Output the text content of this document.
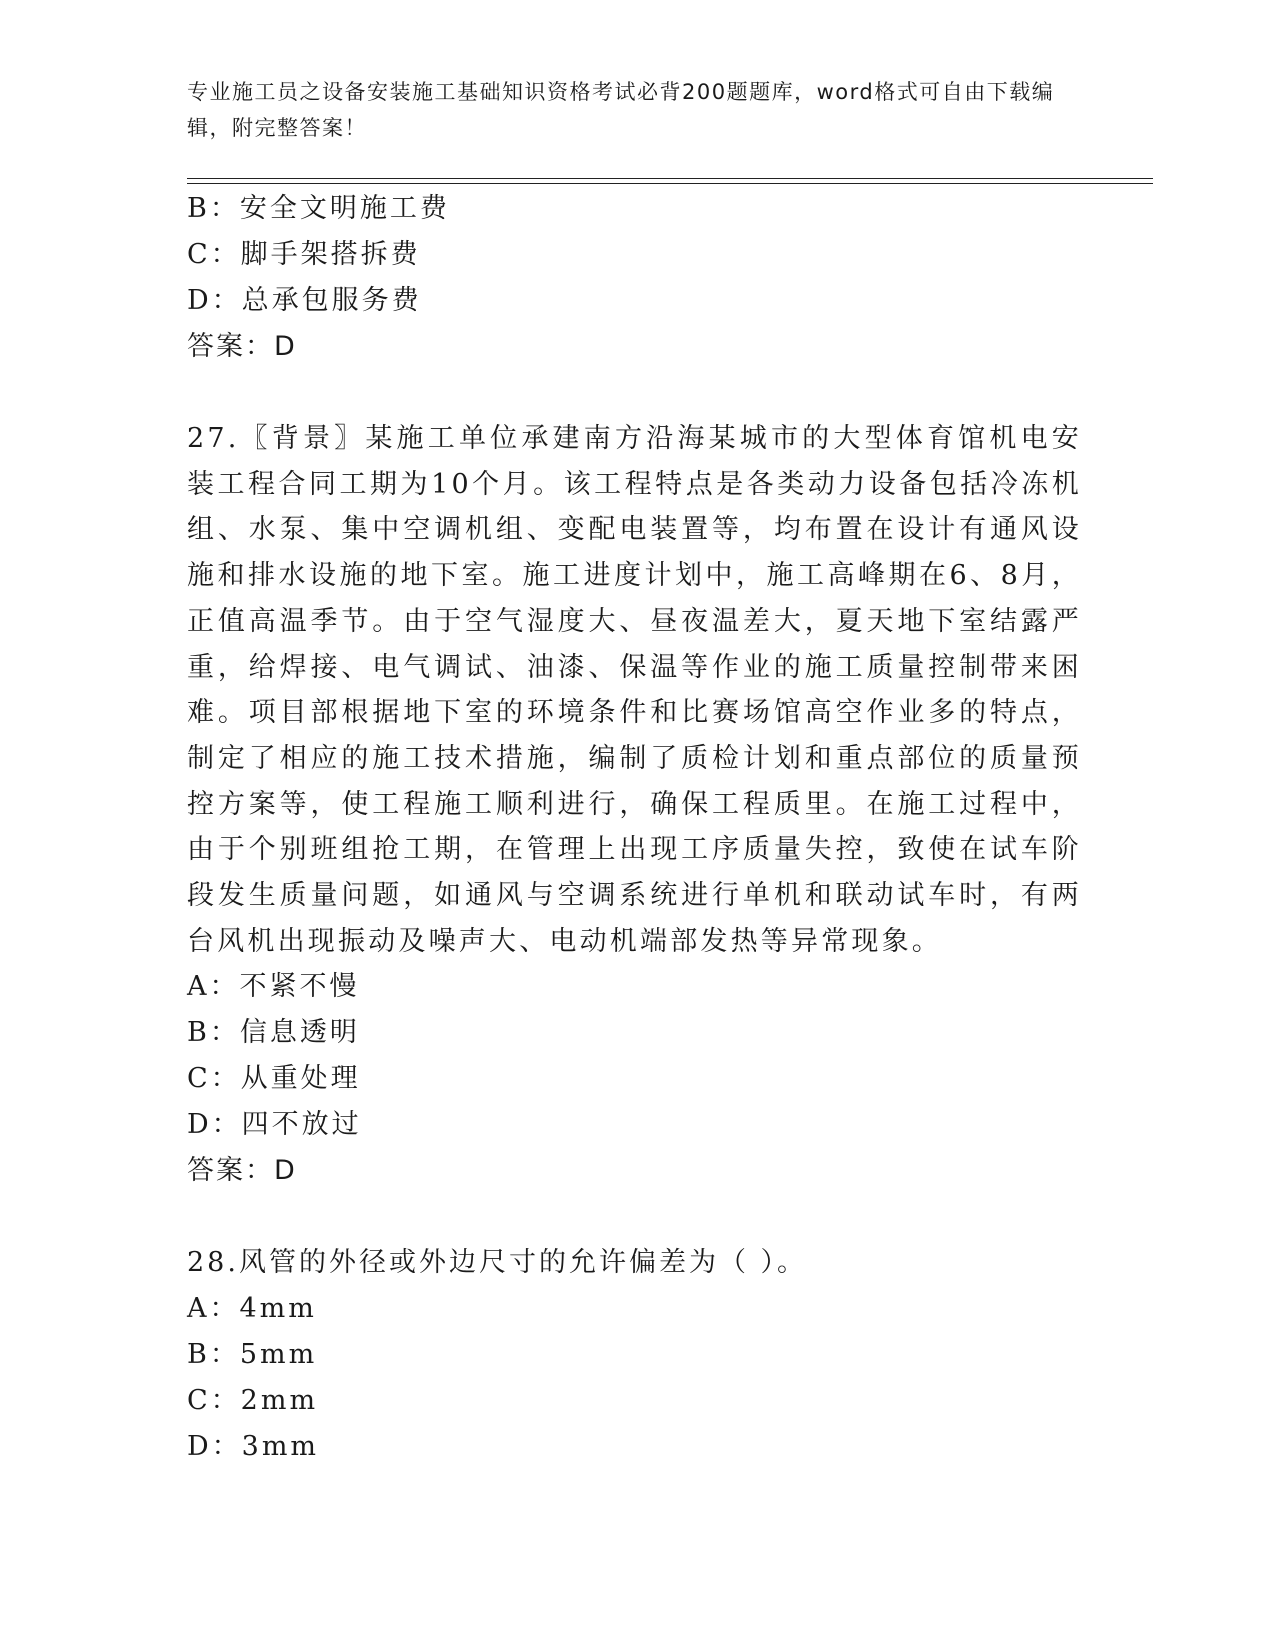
专业施工员之设备安装施工基础知识资格考试必背200题题库，word格式可自由下载编辑，附完整答案！
B：安全文明施工费
C：脚手架搭拆费
D：总承包服务费
答案：D

27.〖背景〗某施工单位承建南方沿海某城市的大型体育馆机电安装工程合同工期为10个月。该工程特点是各类动力设备包括冷冻机组、水泵、集中空调机组、变配电装置等，均布置在设计有通风设施和排水设施的地下室。施工进度计划中，施工高峰期在6、8月，正值高温季节。由于空气湿度大、昼夜温差大，夏天地下室结露严重，给焊接、电气调试、油漆、保温等作业的施工质量控制带来困难。项目部根据地下室的环境条件和比赛场馆高空作业多的特点，制定了相应的施工技术措施，编制了质检计划和重点部位的质量预控方案等，使工程施工顺利进行，确保工程质里。在施工过程中，由于个别班组抢工期，在管理上出现工序质量失控，致使在试车阶段发生质量问题，如通风与空调系统进行单机和联动试车时，有两台风机出现振动及噪声大、电动机端部发热等异常现象。

A：不紧不慢
B：信息透明
C：从重处理
D：四不放过
答案：D
28.风管的外径或外边尺寸的允许偏差为（ ）。
A：4mm
B：5mm
C：2mm
D：3mm
